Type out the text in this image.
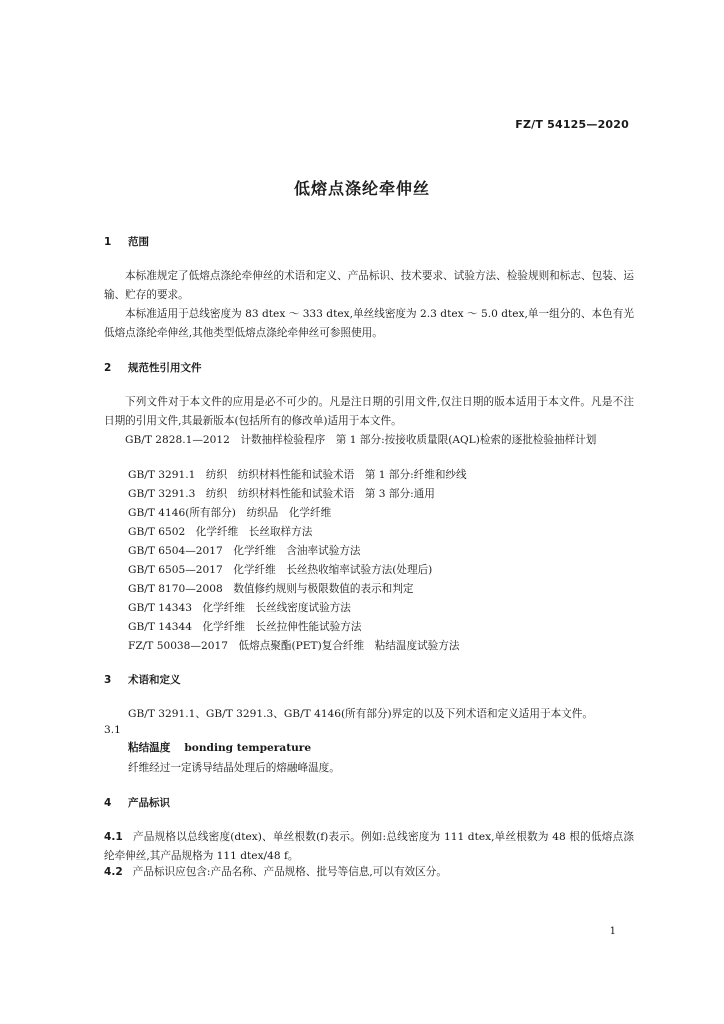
FZ/T 54125—2020
低熔点涤纶牵伸丝
1 范围
本标准规定了低熔点涤纶牵伸丝的术语和定义、产品标识、技术要求、试验方法、检验规则和标志、包装、运输、贮存的要求。
本标准适用于总线密度为 83 dtex ～ 333 dtex,单丝线密度为 2.3 dtex ～ 5.0 dtex,单一组分的、本色有光低熔点涤纶牵伸丝,其他类型低熔点涤纶牵伸丝可参照使用。
2 规范性引用文件
下列文件对于本文件的应用是必不可少的。凡是注日期的引用文件,仅注日期的版本适用于本文件。凡是不注日期的引用文件,其最新版本(包括所有的修改单)适用于本文件。
GB/T 2828.1—2012　计数抽样检验程序　第 1 部分:按接收质量限(AQL)检索的逐批检验抽样计划
GB/T 3291.1　纺织　纺织材料性能和试验术语　第 1 部分:纤维和纱线
GB/T 3291.3　纺织　纺织材料性能和试验术语　第 3 部分:通用
GB/T 4146(所有部分)　纺织品　化学纤维
GB/T 6502　化学纤维　长丝取样方法
GB/T 6504—2017　化学纤维　含油率试验方法
GB/T 6505—2017　化学纤维　长丝热收缩率试验方法(处理后)
GB/T 8170—2008　数值修约规则与极限数值的表示和判定
GB/T 14343　化学纤维　长丝线密度试验方法
GB/T 14344　化学纤维　长丝拉伸性能试验方法
FZ/T 50038—2017　低熔点聚酯(PET)复合纤维　粘结温度试验方法
3 术语和定义
GB/T 3291.1、GB/T 3291.3、GB/T 4146(所有部分)界定的以及下列术语和定义适用于本文件。
3.1
粘结温度 bonding temperature
纤维经过一定诱导结晶处理后的熔融峰温度。
4 产品标识
4.1 产品规格以总线密度(dtex)、单丝根数(f)表示。例如:总线密度为 111 dtex,单丝根数为 48 根的低熔点涤纶牵伸丝,其产品规格为 111 dtex/48 f。
4.2 产品标识应包含:产品名称、产品规格、批号等信息,可以有效区分。
1
